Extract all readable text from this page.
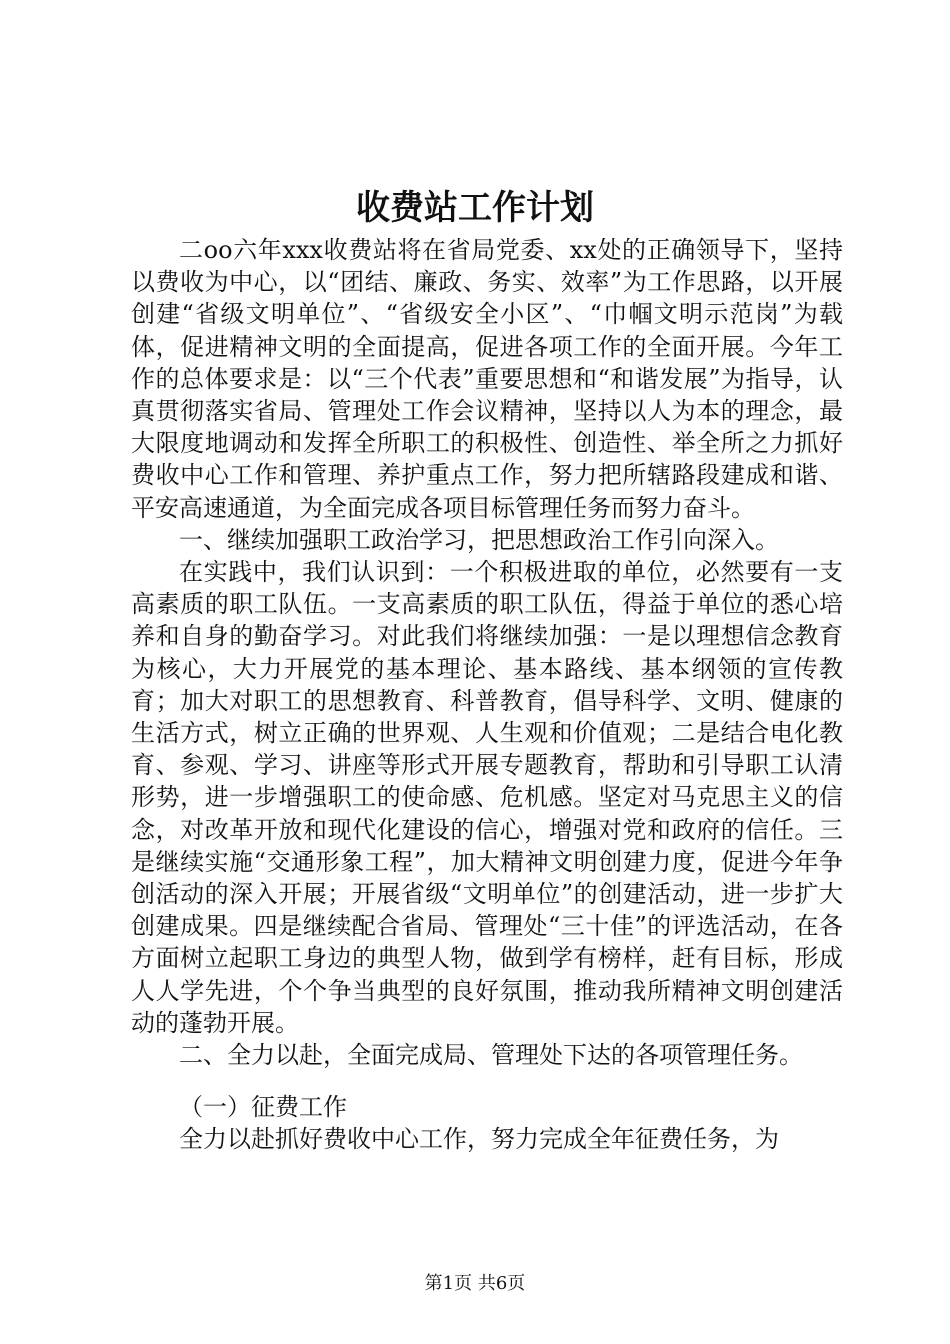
收费站工作计划

二oo六年xxx收费站将在省局党委、xx处的正确领导下，坚持以费收为中心，以“团结、廉政、务实、效率”为工作思路，以开展创建“省级文明单位”、“省级安全小区”、“巾帼文明示范岗”为载体，促进精神文明的全面提高，促进各项工作的全面开展。今年工作的总体要求是：以“三个代表”重要思想和“和谐发展”为指导，认真贯彻落实省局、管理处工作会议精神，坚持以人为本的理念，最大限度地调动和发挥全所职工的积极性、创造性、举全所之力抓好费收中心工作和管理、养护重点工作，努力把所辖路段建成和谐、平安高速通道，为全面完成各项目标管理任务而努力奋斗。

一、继续加强职工政治学习，把思想政治工作引向深入。

在实践中，我们认识到：一个积极进取的单位，必然要有一支高素质的职工队伍。一支高素质的职工队伍，得益于单位的悉心培养和自身的勤奋学习。对此我们将继续加强：一是以理想信念教育为核心，大力开展党的基本理论、基本路线、基本纲领的宣传教育；加大对职工的思想教育、科普教育，倡导科学、文明、健康的生活方式，树立正确的世界观、人生观和价值观；二是结合电化教育、参观、学习、讲座等形式开展专题教育，帮助和引导职工认清形势，进一步增强职工的使命感、危机感。坚定对马克思主义的信念，对改革开放和现代化建设的信心，增强对党和政府的信任。三是继续实施“交通形象工程”，加大精神文明创建力度，促进今年争创活动的深入开展；开展省级“文明单位”的创建活动，进一步扩大创建成果。四是继续配合省局、管理处“三十佳”的评选活动，在各方面树立起职工身边的典型人物，做到学有榜样，赶有目标，形成人人学先进，个个争当典型的良好氛围，推动我所精神文明创建活动的蓬勃开展。

二、全力以赴，全面完成局、管理处下达的各项管理任务。

（一）征费工作

全力以赴抓好费收中心工作，努力完成全年征费任务，为

第1页 共6页
